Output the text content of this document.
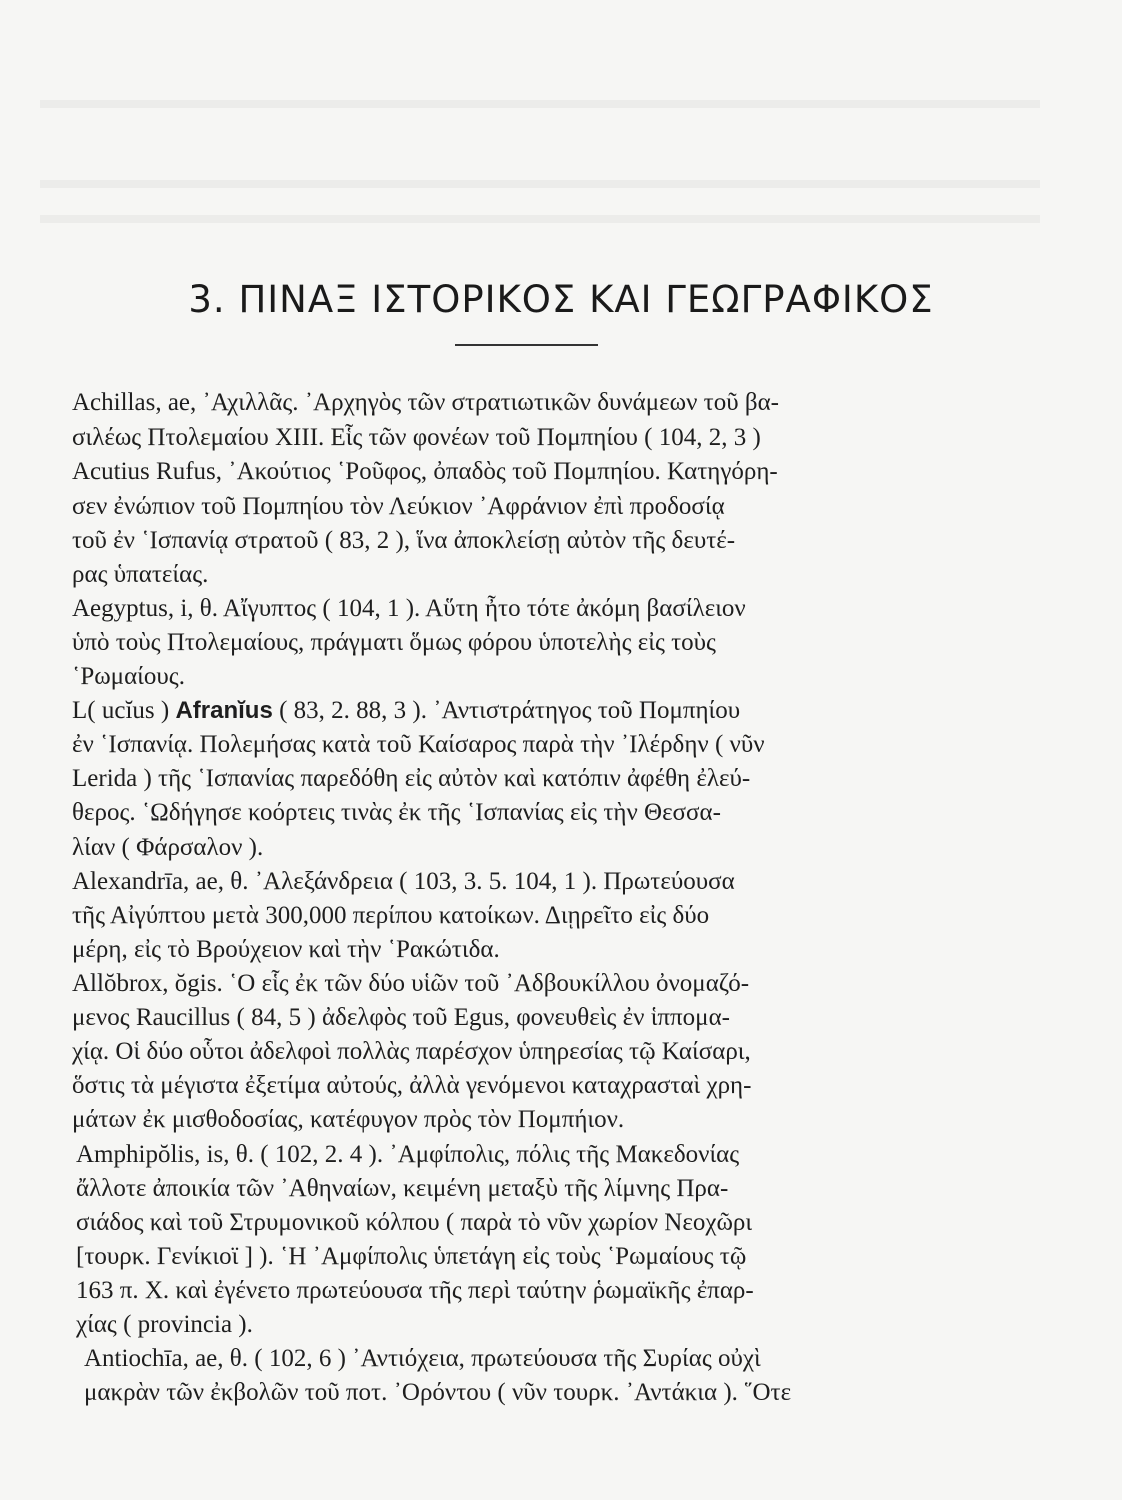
3. ΠΙΝΑΞ ΙΣΤΟΡΙΚΟΣ ΚΑΙ ΓΕΩΓΡΑΦΙΚΟΣ
Achillas, ae, ᾿Αχιλλᾶς. ᾿Αρχηγὸς τῶν στρατιωτικῶν δυνάμεων τοῦ βα-
σιλέως Πτολεμαίου XIII. Εἷς τῶν φονέων τοῦ Πομπηίου ( 104, 2, 3 )
Acutius Rufus, ᾿Ακούτιος ῾Ροῦφος, ὀπαδὸς τοῦ Πομπηίου. Κατηγόρη-
σεν ἐνώπιον τοῦ Πομπηίου τὸν Λεύκιον ᾿Αφράνιον ἐπὶ προδοσίᾳ
τοῦ ἐν ῾Ισπανίᾳ στρατοῦ ( 83, 2 ), ἵνα ἀποκλείσῃ αὐτὸν τῆς δευτέ-
ρας ὑπατείας.
Aegyptus, i, θ. Αἴγυπτος ( 104, 1 ). Αὕτη ἦτο τότε ἀκόμη βασίλειον
ὑπὸ τοὺς Πτολεμαίους, πράγματι ὅμως φόρου ὑποτελὴς εἰς τοὺς
῾Ρωμαίους.
L( ucĭus ) Afranĭus ( 83, 2. 88, 3 ). ᾿Αντιστράτηγος τοῦ Πομπηίου
ἐν ῾Ισπανίᾳ. Πολεμήσας κατὰ τοῦ Καίσαρος παρὰ τὴν ᾿Ιλέρδην ( νῦν
Lerida ) τῆς ῾Ισπανίας παρεδόθη εἰς αὐτὸν καὶ κατόπιν ἀφέθη ἐλεύ-
θερος. ῾Ωδήγησε κοόρτεις τινὰς ἐκ τῆς ῾Ισπανίας εἰς τὴν Θεσσα-
λίαν ( Φάρσαλον ).
Alexandrīa, ae, θ. ᾿Αλεξάνδρεια ( 103, 3. 5. 104, 1 ). Πρωτεύουσα
τῆς Αἰγύπτου μετὰ 300,000 περίπου κατοίκων. Διῃρεῖτο εἰς δύο
μέρη, εἰς τὸ Βρούχειον καὶ τὴν ῾Ρακώτιδα.
Allŏbrox, ŏgis. ῾Ο εἷς ἐκ τῶν δύο υἱῶν τοῦ ᾿Αδβουκίλλου ὀνομαζό-
μενος Raucillus ( 84, 5 ) ἀδελφὸς τοῦ Egus, φονευθεὶς ἐν ἱππομα-
χίᾳ. Οἱ δύο οὗτοι ἀδελφοὶ πολλὰς παρέσχον ὑπηρεσίας τῷ Καίσαρι,
ὅστις τὰ μέγιστα ἐξετίμα αὐτούς, ἀλλὰ γενόμενοι καταχρασταὶ χρη-
μάτων ἐκ μισθοδοσίας, κατέφυγον πρὸς τὸν Πομπήιον.
Amphipŏlis, is, θ. ( 102, 2. 4 ). ᾿Αμφίπολις, πόλις τῆς Μακεδονίας
ἄλλοτε ἀποικία τῶν ᾿Αθηναίων, κειμένη μεταξὺ τῆς λίμνης Πρα-
σιάδος καὶ τοῦ Στρυμονικοῦ κόλπου ( παρὰ τὸ νῦν χωρίον Νεοχῶρι
[τουρκ. Γενίκιοϊ ] ). ῾Η ᾿Αμφίπολις ὑπετάγη εἰς τοὺς ῾Ρωμαίους τῷ
163 π. Χ. καὶ ἐγένετο πρωτεύουσα τῆς περὶ ταύτην ῥωμαϊκῆς ἐπαρ-
χίας ( provincia ).
Antiochīa, ae, θ. ( 102, 6 ) ᾿Αντιόχεια, πρωτεύουσα τῆς Συρίας οὐχὶ
μακρὰν τῶν ἐκβολῶν τοῦ ποτ. ᾿Ορόντου ( νῦν τουρκ. ᾿Αντάκια ). ῞Οτε
